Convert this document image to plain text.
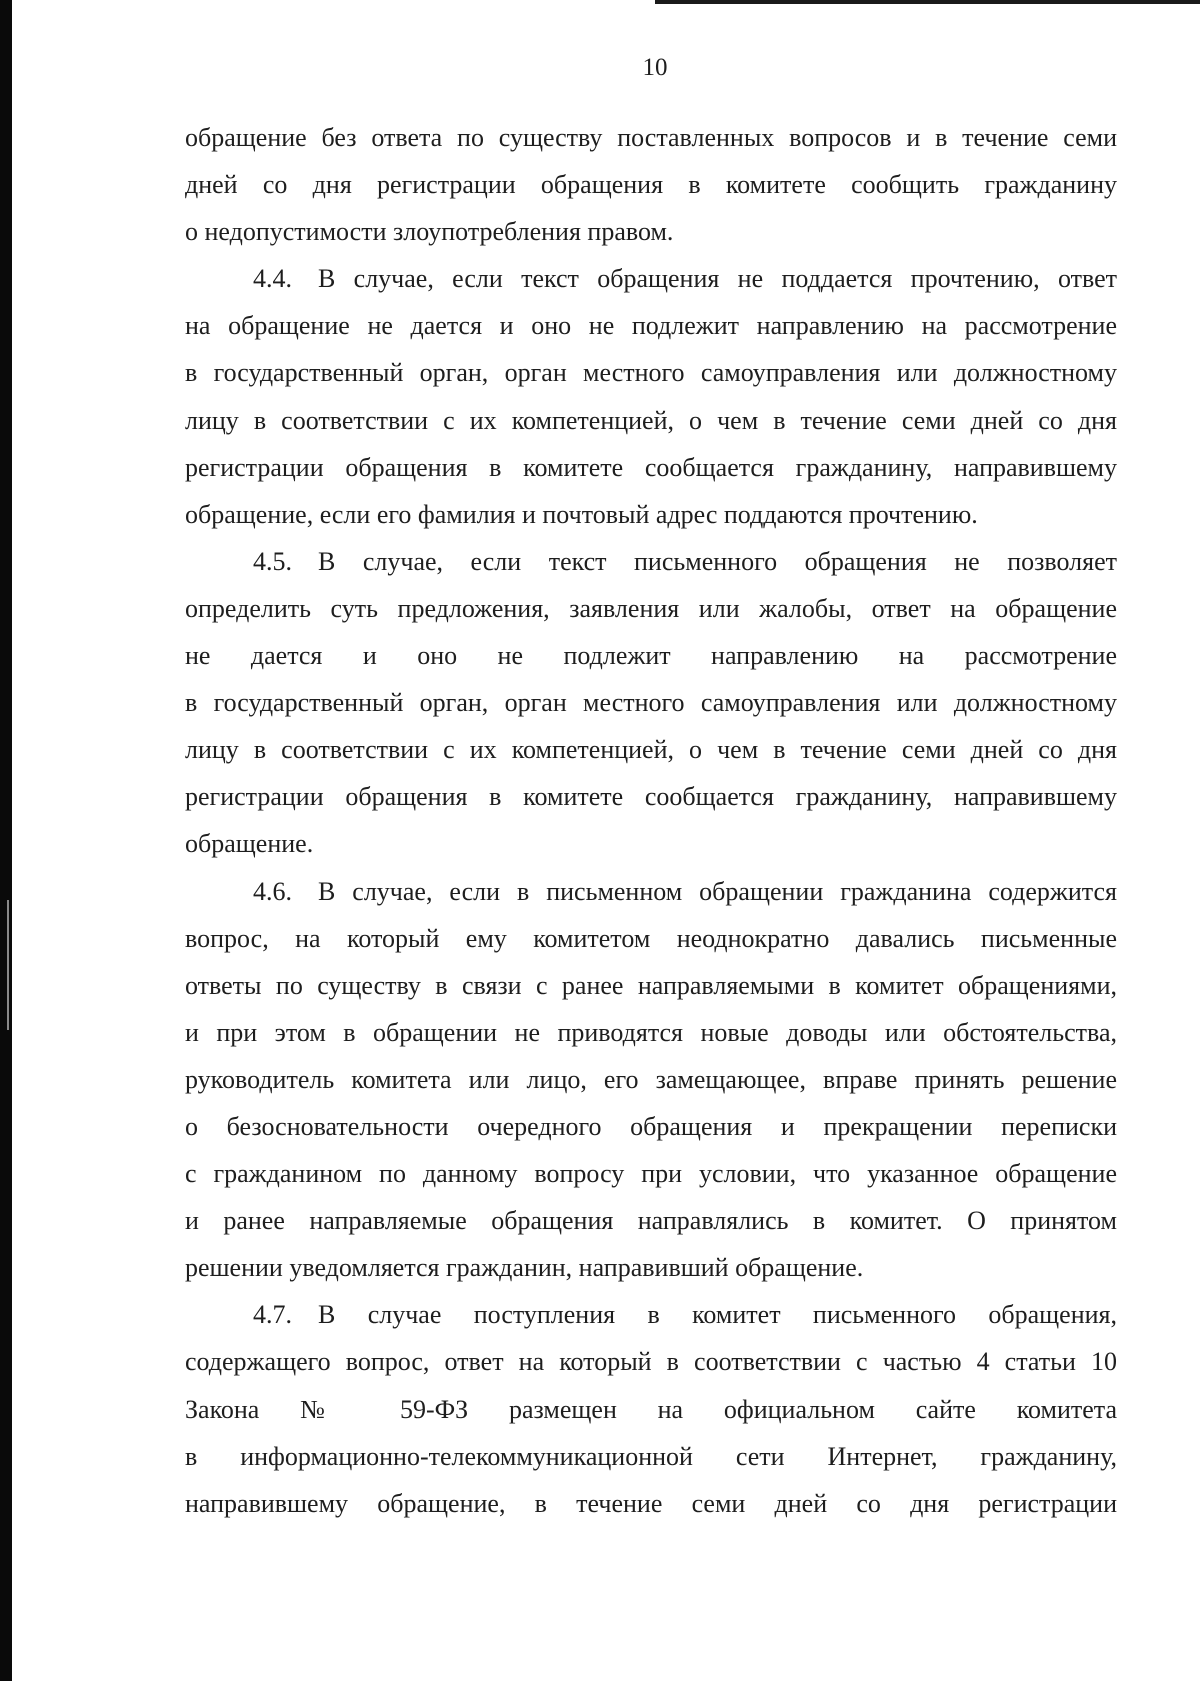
10
обращение без ответа по существу поставленных вопросов и в течение семи
дней со дня регистрации обращения в комитете сообщить гражданину
о недопустимости злоупотребления правом.
4.4. В случае, если текст обращения не поддается прочтению, ответ
на обращение не дается и оно не подлежит направлению на рассмотрение
в государственный орган, орган местного самоуправления или должностному
лицу в соответствии с их компетенцией, о чем в течение семи дней со дня
регистрации обращения в комитете сообщается гражданину, направившему
обращение, если его фамилия и почтовый адрес поддаются прочтению.
4.5. В случае, если текст письменного обращения не позволяет
определить суть предложения, заявления или жалобы, ответ на обращение
не дается и оно не подлежит направлению на рассмотрение
в государственный орган, орган местного самоуправления или должностному
лицу в соответствии с их компетенцией, о чем в течение семи дней со дня
регистрации обращения в комитете сообщается гражданину, направившему
обращение.
4.6. В случае, если в письменном обращении гражданина содержится
вопрос, на который ему комитетом неоднократно давались письменные
ответы по существу в связи с ранее направляемыми в комитет обращениями,
и при этом в обращении не приводятся новые доводы или обстоятельства,
руководитель комитета или лицо, его замещающее, вправе принять решение
о безосновательности очередного обращения и прекращении переписки
с гражданином по данному вопросу при условии, что указанное обращение
и ранее направляемые обращения направлялись в комитет. О принятом
решении уведомляется гражданин, направивший обращение.
4.7. В случае поступления в комитет письменного обращения,
содержащего вопрос, ответ на который в соответствии с частью 4 статьи 10
Закона № 59-ФЗ размещен на официальном сайте комитета
в информационно-телекоммуникационной сети Интернет, гражданину,
направившему обращение, в течение семи дней со дня регистрации
